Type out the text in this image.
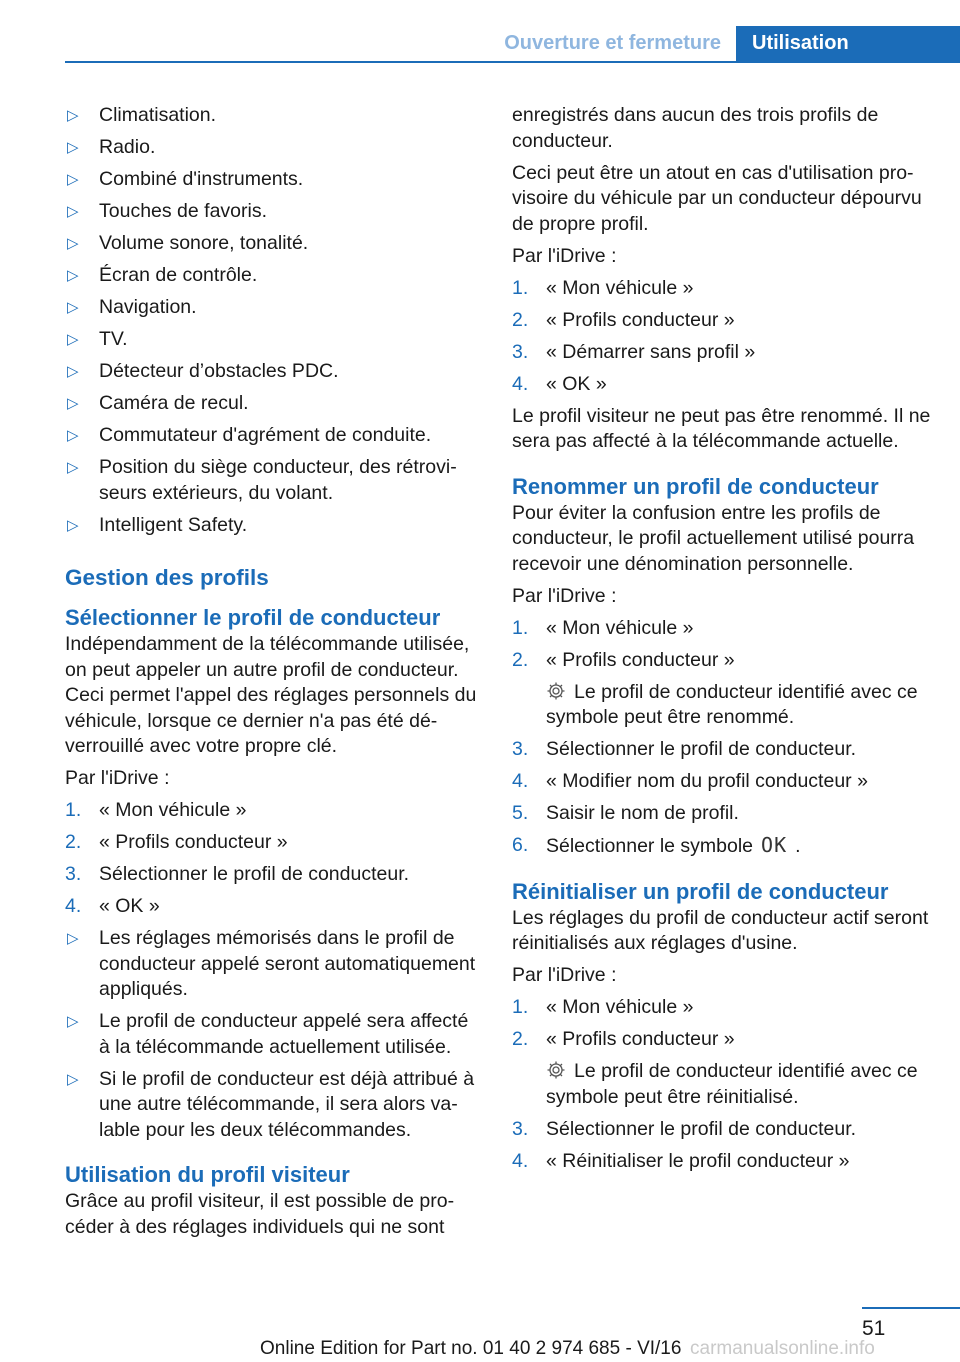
Ouverture et fermeture	Utilisation
▷ Climatisation.
▷ Radio.
▷ Combiné d'instruments.
▷ Touches de favoris.
▷ Volume sonore, tonalité.
▷ Écran de contrôle.
▷ Navigation.
▷ TV.
▷ Détecteur d’obstacles PDC.
▷ Caméra de recul.
▷ Commutateur d'agrément de conduite.
▷ Position du siège conducteur, des rétroviseurs extérieurs, du volant.
▷ Intelligent Safety.
Gestion des profils
Sélectionner le profil de conducteur

Indépendamment de la télécommande utilisée, on peut appeler un autre profil de conducteur. Ceci permet l'appel des réglages personnels du véhicule, lorsque ce dernier n'a pas été déverrouillé avec votre propre clé.

Par l'iDrive :

1. « Mon véhicule »
2. « Profils conducteur »
3. Sélectionner le profil de conducteur.
4. « OK »
▷ Les réglages mémorisés dans le profil de conducteur appelé seront automatiquement appliqués.
▷ Le profil de conducteur appelé sera affecté à la télécommande actuellement utilisée.
▷ Si le profil de conducteur est déjà attribué à une autre télécommande, il sera alors valable pour les deux télécommandes.
Utilisation du profil visiteur

Grâce au profil visiteur, il est possible de procéder à des réglages individuels qui ne sont

enregistrés dans aucun des trois profils de conducteur.

Ceci peut être un atout en cas d'utilisation provisoire du véhicule par un conducteur dépourvu de propre profil.

Par l'iDrive :

1. « Mon véhicule »
2. « Profils conducteur »
3. « Démarrer sans profil »
4. « OK »

Le profil visiteur ne peut pas être renommé. Il ne sera pas affecté à la télécommande actuelle.

Renommer un profil de conducteur

Pour éviter la confusion entre les profils de conducteur, le profil actuellement utilisé pourra recevoir une dénomination personnelle.

Par l'iDrive :

1. « Mon véhicule »
2. « Profils conducteur »
Le profil de conducteur identifié avec ce symbole peut être renommé.
3. Sélectionner le profil de conducteur.
4. « Modifier nom du profil conducteur »
5. Saisir le nom de profil.
6. Sélectionner le symbole OK .
Réinitialiser un profil de conducteur

Les réglages du profil de conducteur actif seront réinitialisés aux réglages d'usine.

Par l'iDrive :

1. « Mon véhicule »
2. « Profils conducteur »
Le profil de conducteur identifié avec ce symbole peut être réinitialisé.
3. Sélectionner le profil de conducteur.
4. « Réinitialiser le profil conducteur »
51
Online Edition for Part no. 01 40 2 974 685 - VI/16 carmanualsonline.info
